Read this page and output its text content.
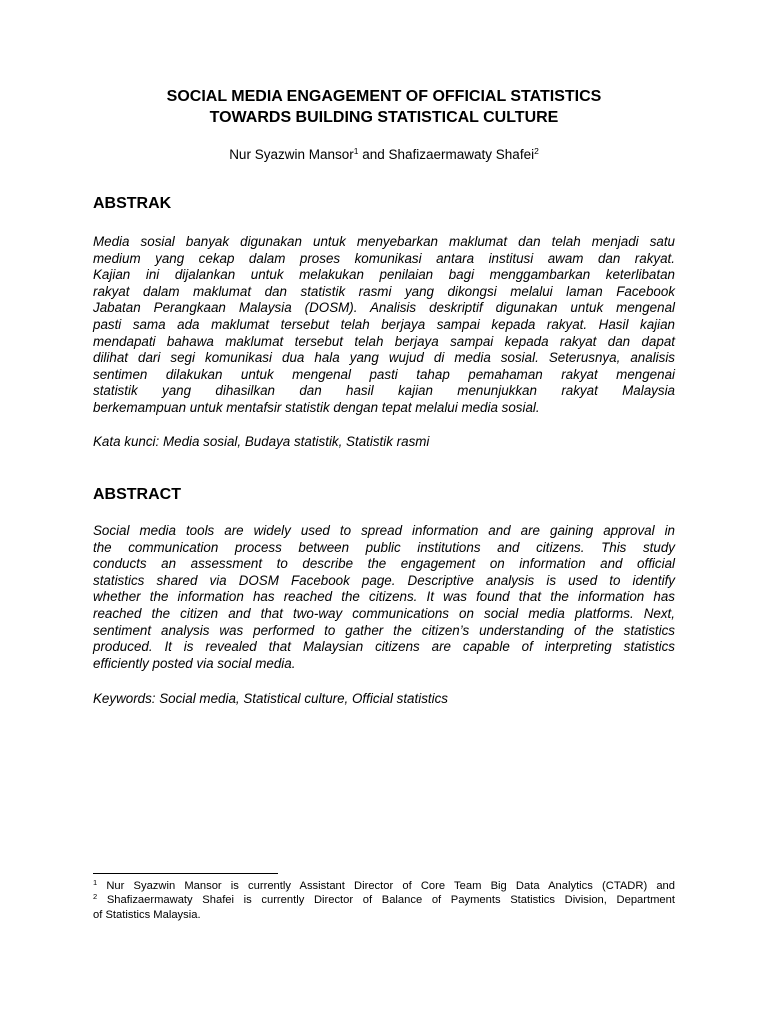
SOCIAL MEDIA ENGAGEMENT OF OFFICIAL STATISTICS
TOWARDS BUILDING STATISTICAL CULTURE
Nur Syazwin Mansor$^1$ and Shafizaermawaty Shafei$^2$
ABSTRAK
Media sosial banyak digunakan untuk menyebarkan maklumat dan telah menjadi satu
medium yang cekap dalam proses komunikasi antara institusi awam dan rakyat.
Kajian ini dijalankan untuk melakukan penilaian bagi menggambarkan keterlibatan
rakyat dalam maklumat dan statistik rasmi yang dikongsi melalui laman Facebook
Jabatan Perangkaan Malaysia (DOSM). Analisis deskriptif digunakan untuk mengenal
pasti sama ada maklumat tersebut telah berjaya sampai kepada rakyat. Hasil kajian
mendapati bahawa maklumat tersebut telah berjaya sampai kepada rakyat dan dapat
dilihat dari segi komunikasi dua hala yang wujud di media sosial. Seterusnya, analisis
sentimen dilakukan untuk mengenal pasti tahap pemahaman rakyat mengenai
statistik yang dihasilkan dan hasil kajian menunjukkan rakyat Malaysia
berkemampuan untuk mentafsir statistik dengan tepat melalui media sosial.
Kata kunci: Media sosial, Budaya statistik, Statistik rasmi
ABSTRACT
Social media tools are widely used to spread information and are gaining approval in
the communication process between public institutions and citizens. This study
conducts an assessment to describe the engagement on information and official
statistics shared via DOSM Facebook page. Descriptive analysis is used to identify
whether the information has reached the citizens. It was found that the information has
reached the citizen and that two-way communications on social media platforms. Next,
sentiment analysis was performed to gather the citizen’s understanding of the statistics
produced. It is revealed that Malaysian citizens are capable of interpreting statistics
efficiently posted via social media.
Keywords: Social media, Statistical culture, Official statistics
$^1$ Nur Syazwin Mansor is currently Assistant Director of Core Team Big Data Analytics (CTADR) and
$^2$ Shafizaermawaty Shafei is currently Director of Balance of Payments Statistics Division, Department
of Statistics Malaysia.
